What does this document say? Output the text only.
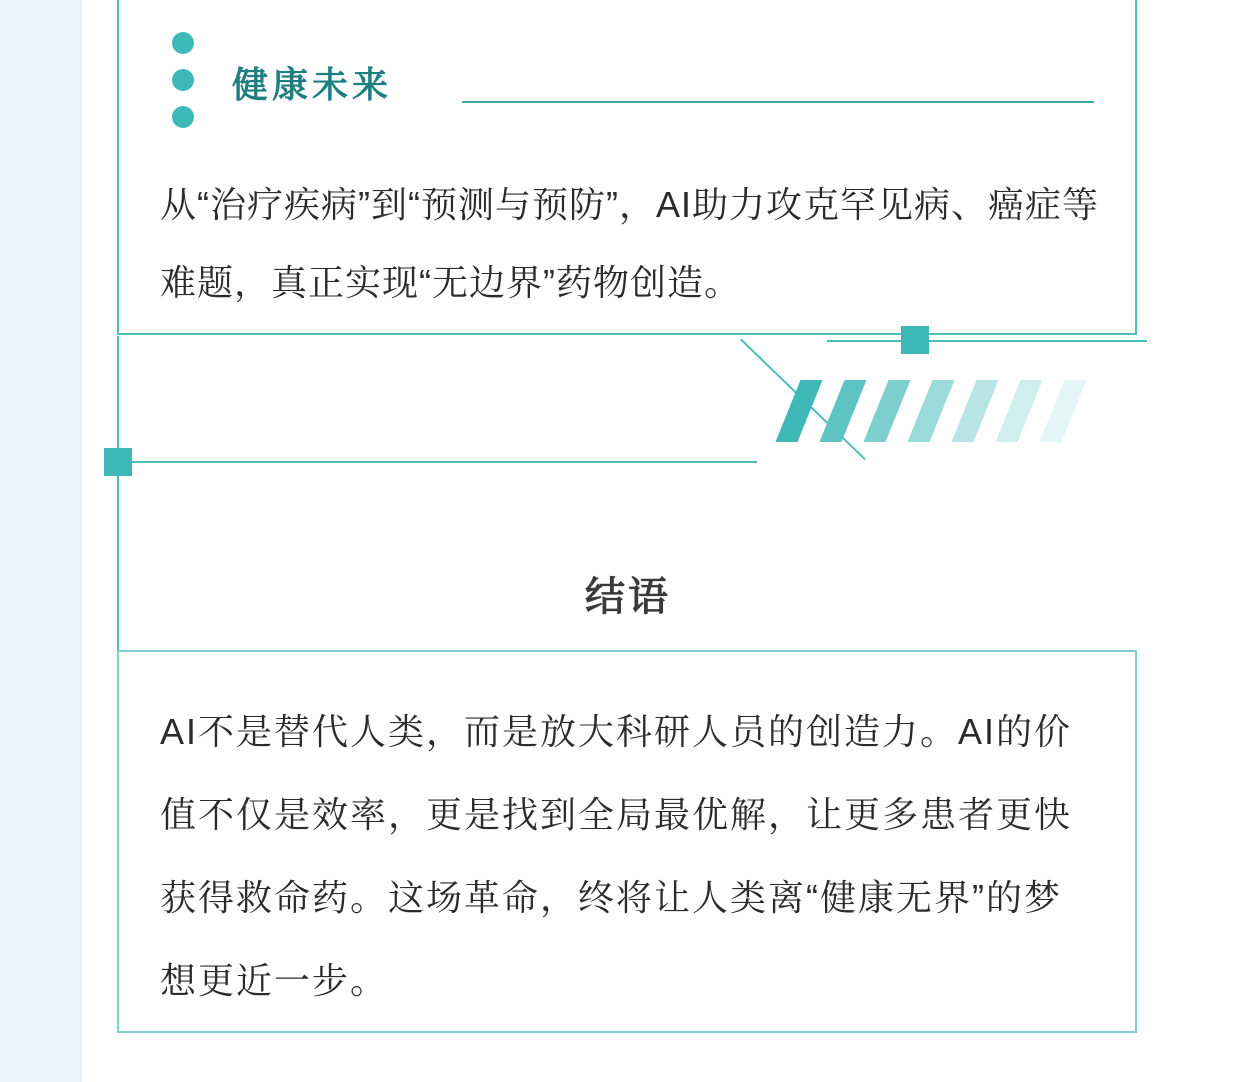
健康未来
从“治疗疾病”到“预测与预防”，AI助力攻克罕见病、癌症等难题，真正实现“无边界”药物创造。
结语
AI不是替代人类，而是放大科研人员的创造力。AI的价值不仅是效率，更是找到全局最优解，让更多患者更快获得救命药。这场革命，终将让人类离“健康无界”的梦想更近一步。
